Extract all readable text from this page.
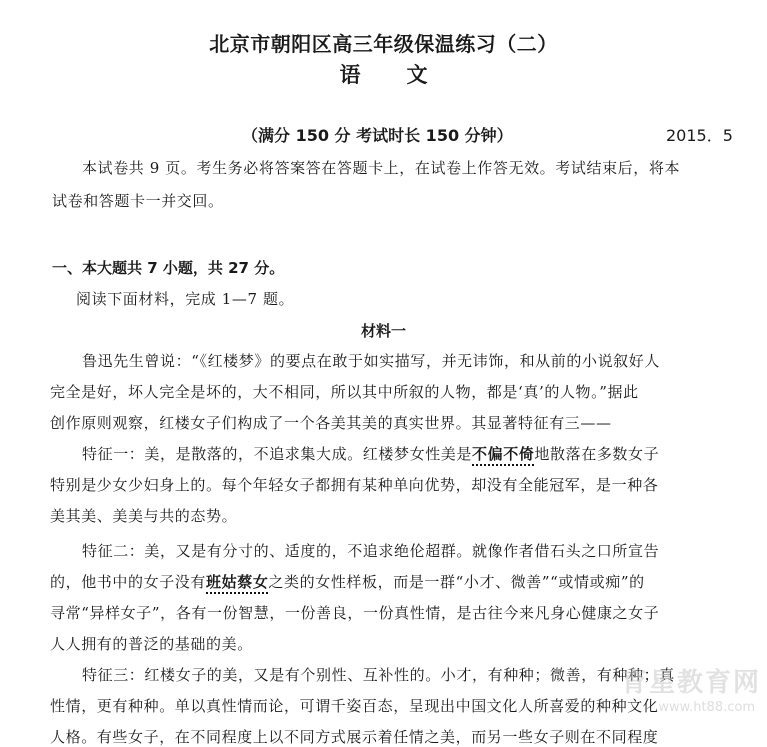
北京市朝阳区高三年级保温练习（二）
语 文
（满分 150 分 考试时长 150 分钟）	2015．5
本试卷共 9 页。考生务必将答案答在答题卡上，在试卷上作答无效。考试结束后，将本
试卷和答题卡一并交回。
一、本大题共 7 小题，共 27 分。
阅读下面材料，完成 1—7 题。
材料一
鲁迅先生曾说：“《红楼梦》的要点在敢于如实描写，并无讳饰，和从前的小说叙好人
完全是好，坏人完全是坏的，大不相同，所以其中所叙的人物，都是‘真’的人物。”据此
创作原则观察，红楼女子们构成了一个各美其美的真实世界。其显著特征有三——
特征一：美，是散落的，不追求集大成。红楼梦女性美是不偏不倚地散落在多数女子
特别是少女少妇身上的。每个年轻女子都拥有某种单向优势，却没有全能冠军，是一种各
美其美、美美与共的态势。
特征二：美，又是有分寸的、适度的，不追求绝伦超群。就像作者借石头之口所宣告
的，他书中的女子没有班姑蔡女之类的女性样板，而是一群“小才、微善”“或情或痴”的
寻常“异样女子”，各有一份智慧，一份善良，一份真性情，是古往今来凡身心健康之女子
人人拥有的普泛的基础的美。
特征三：红楼女子的美，又是有个别性、互补性的。小才，有种种；微善，有种种；真
性情，更有种种。单以真性情而论，可谓千姿百态，呈现出中国文化人所喜爱的种种文化
人格。有些女子，在不同程度上以不同方式展示着任情之美，而另一些女子则在不同程度
育星教育网
www.ht88.com
